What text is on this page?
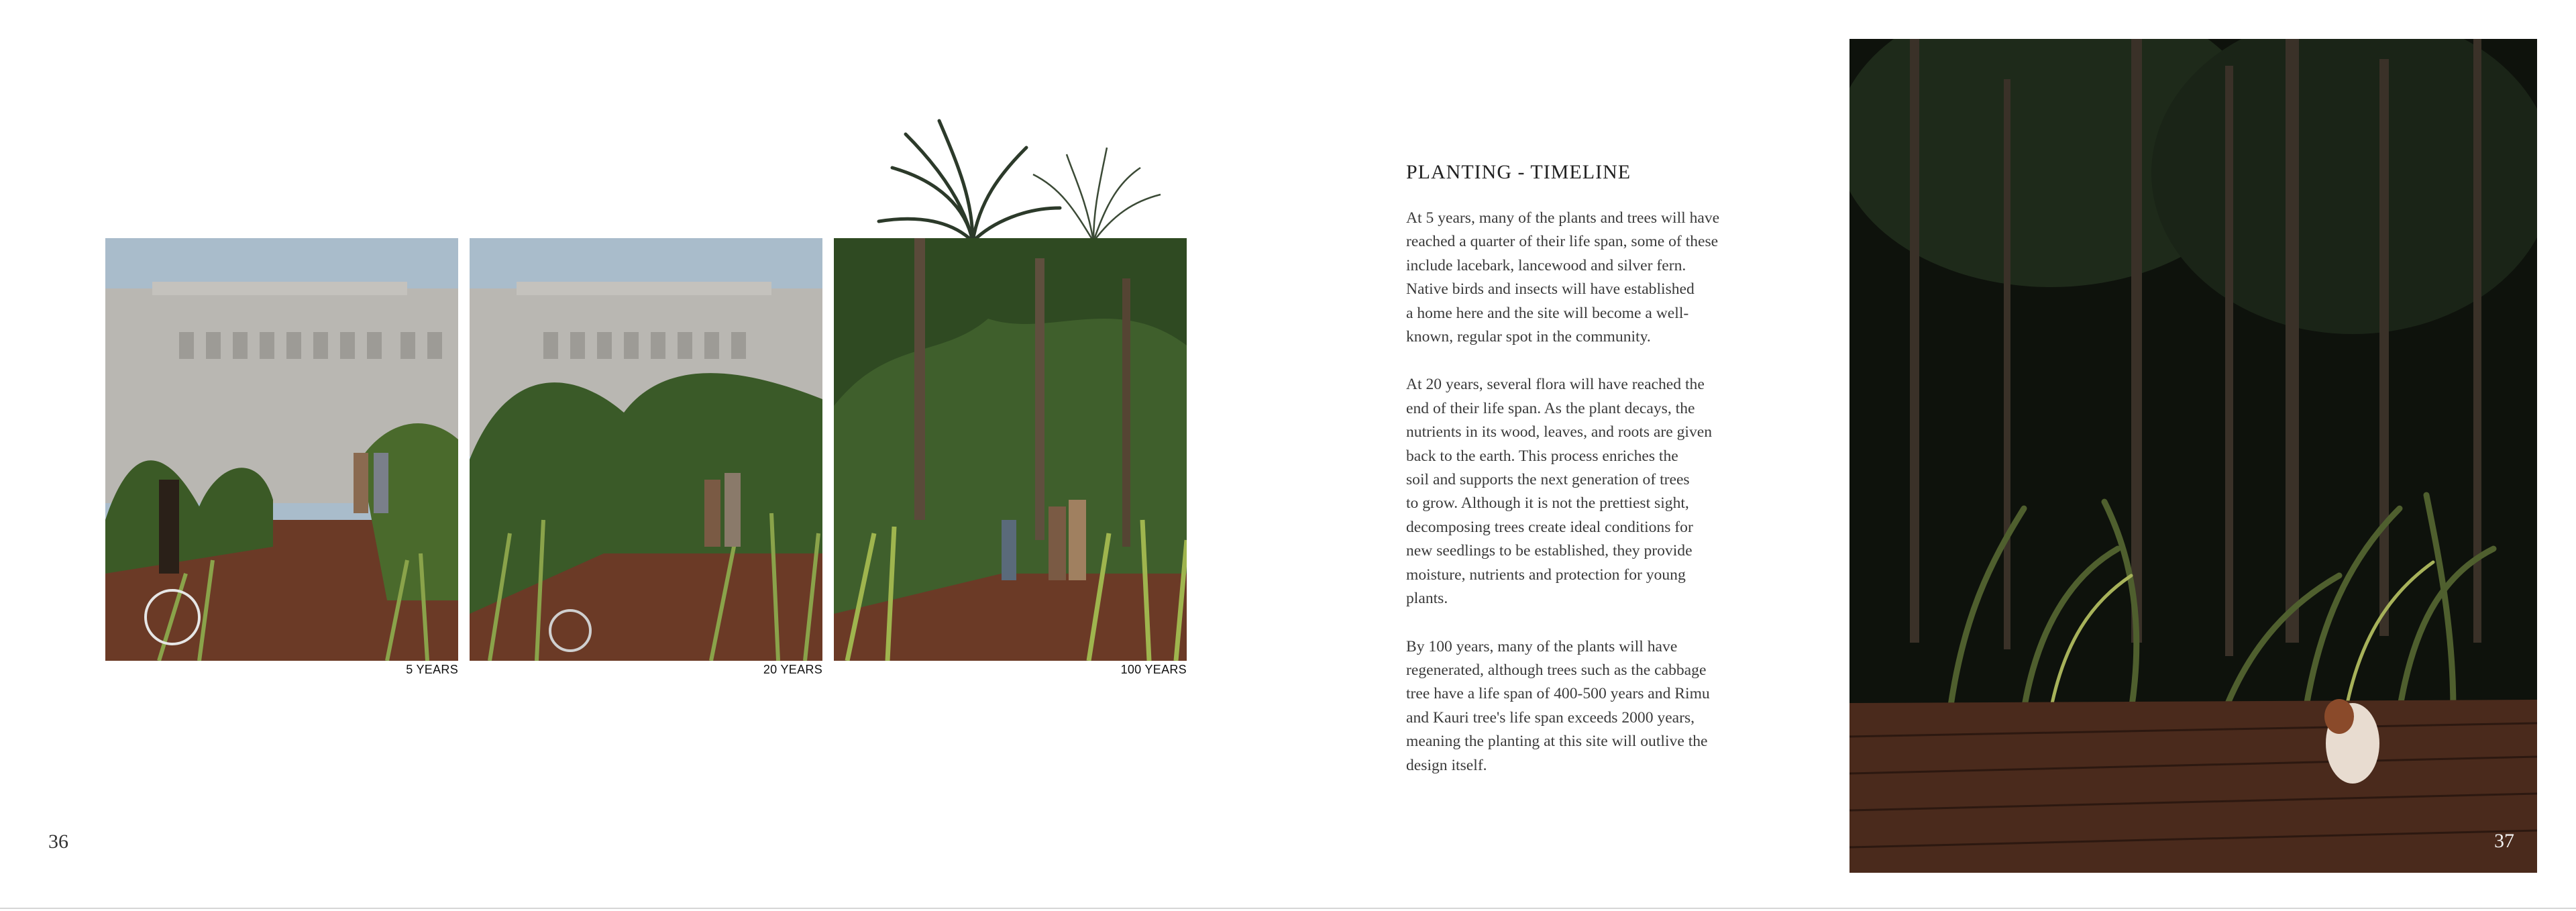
5 YEARS	20 YEARS	100 YEARS
36
PLANTING - TIMELINE

At 5 years, many of the plants and trees will have
reached a quarter of their life span, some of these
include lacebark, lancewood and silver fern.
Native birds and insects will have established
a home here and the site will become a well-
known, regular spot in the community.

At 20 years, several flora will have reached the
end of their life span. As the plant decays, the
nutrients in its wood, leaves, and roots are given
back to the earth. This process enriches the
soil and supports the next generation of trees
to grow. Although it is not the prettiest sight,
decomposing trees create ideal conditions for
new seedlings to be established, they provide
moisture, nutrients and protection for young
plants.

By 100 years, many of the plants will have
regenerated, although trees such as the cabbage
tree have a life span of 400-500 years and Rimu
and Kauri tree's life span exceeds 2000 years,
meaning the planting at this site will outlive the
design itself.

37
